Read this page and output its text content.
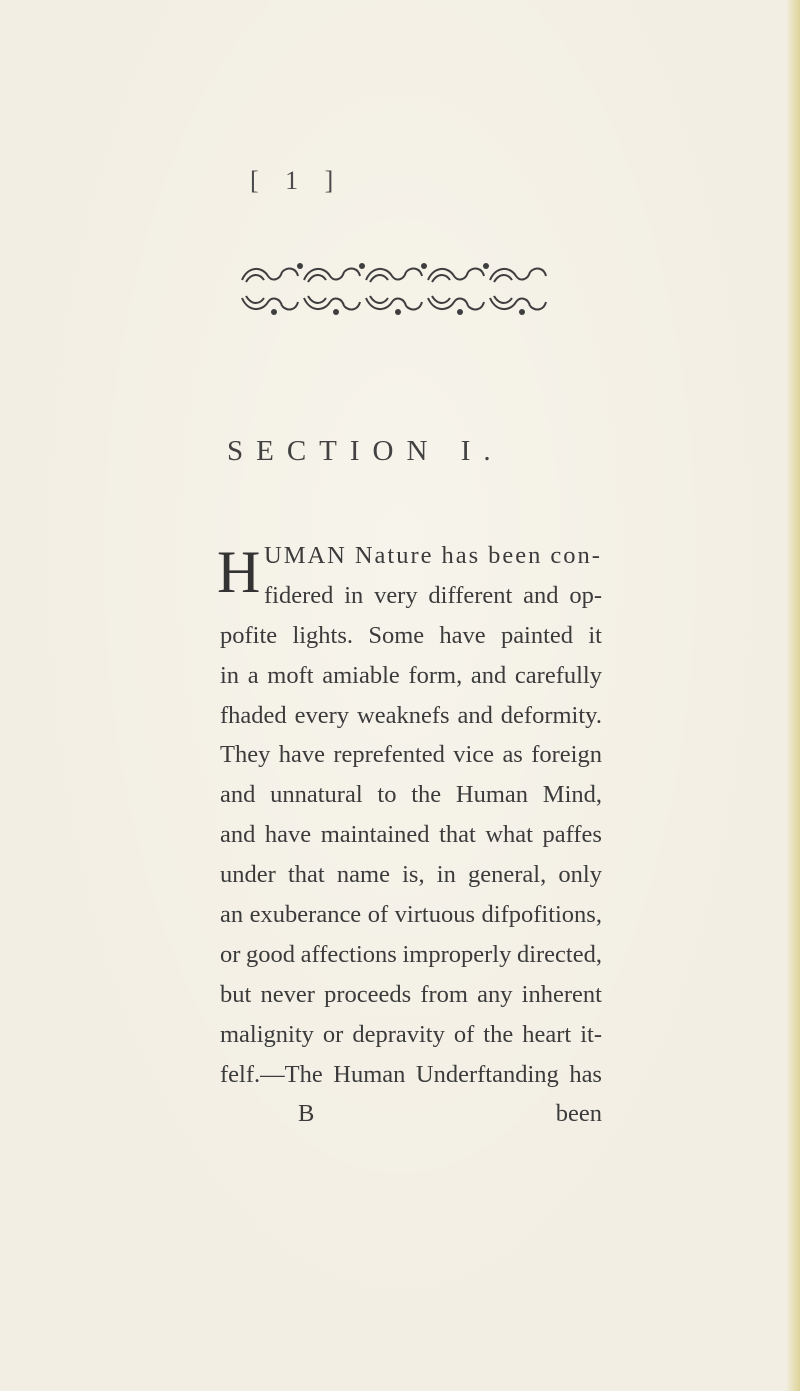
[ 1 ]
SECTION I.
H UMAN Nature has been con-
fidered in very different and op-
pofite lights. Some have painted it
in a moft amiable form, and carefully
fhaded every weaknefs and deformity.
They have reprefented vice as foreign
and unnatural to the Human Mind,
and have maintained that what paffes
under that name is, in general, only
an exuberance of virtuous difpofitions,
or good affections improperly directed,
but never proceeds from any inherent
malignity or depravity of the heart it-
felf.—The Human Underftanding has
B	been
